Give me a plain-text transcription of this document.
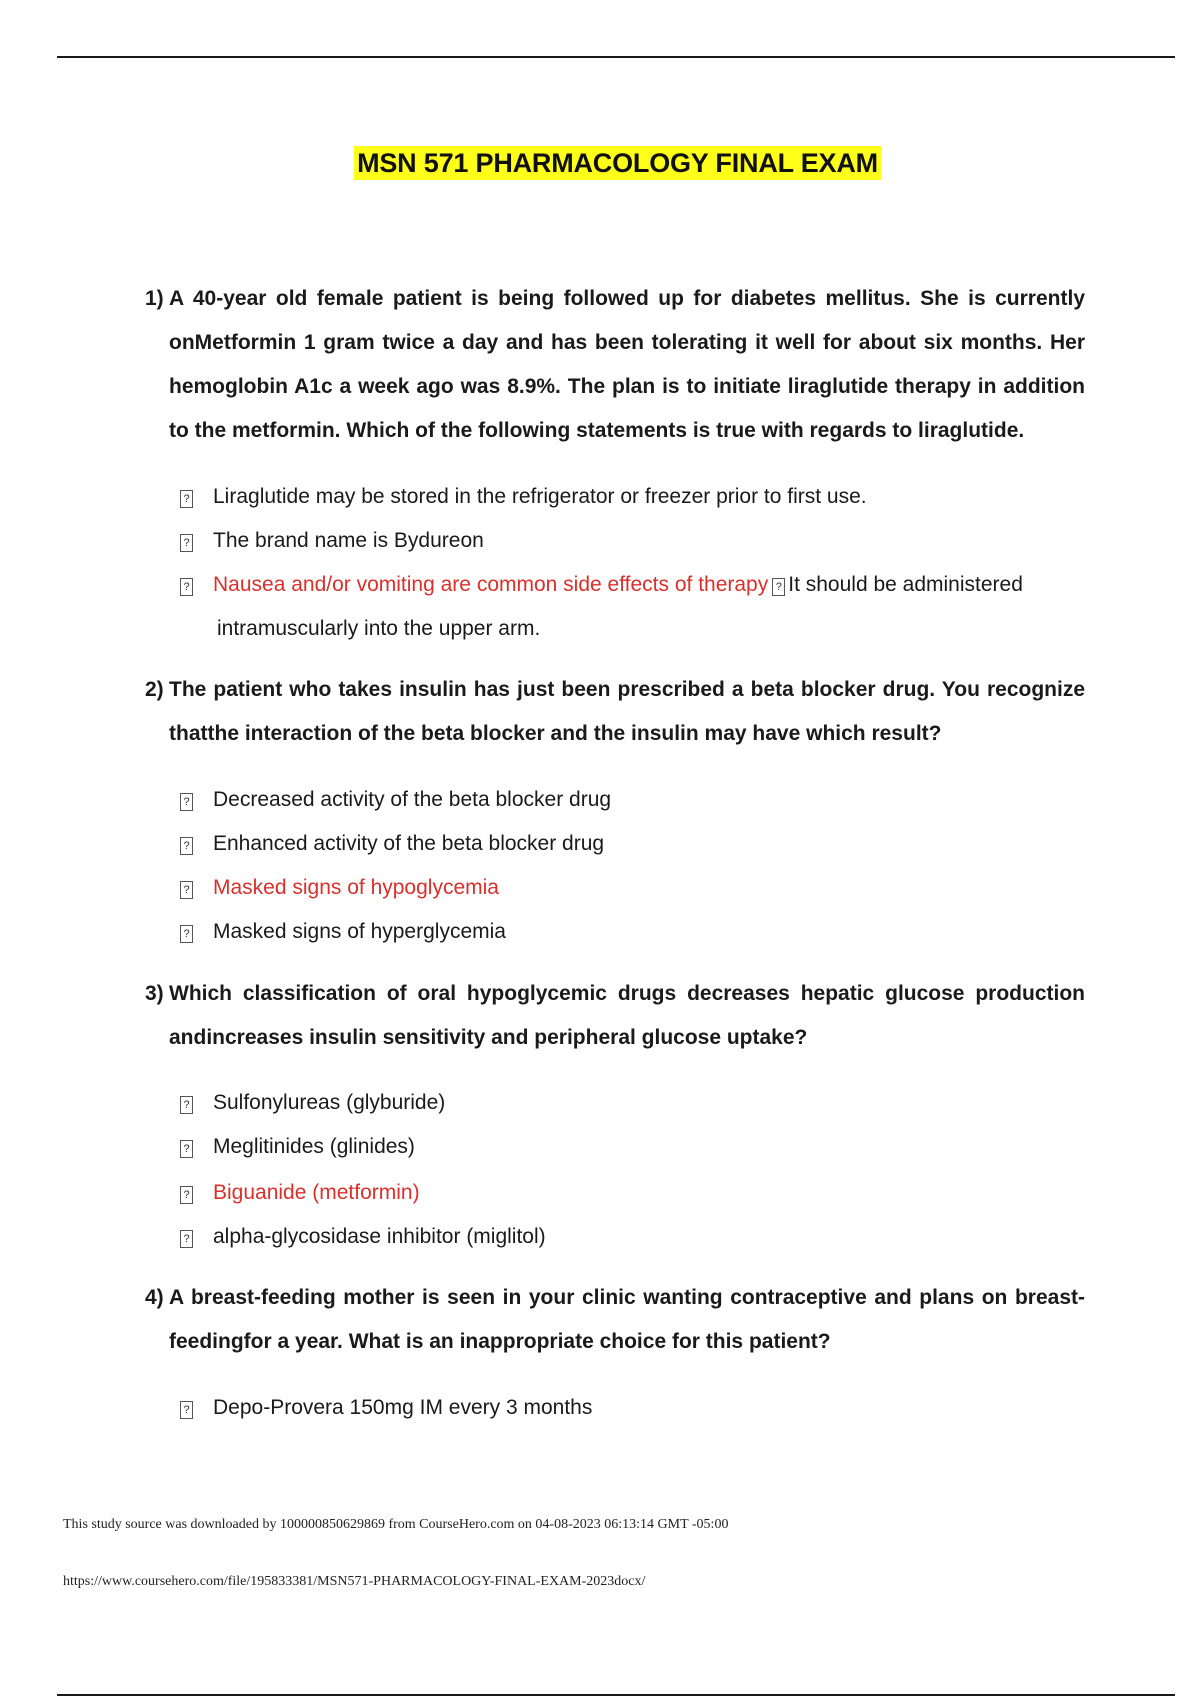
MSN 571 PHARMACOLOGY FINAL EXAM
1) A 40-year old female patient is being followed up for diabetes mellitus. She is currently onMetformin 1 gram twice a day and has been tolerating it well for about six months. Her hemoglobin A1c a week ago was 8.9%. The plan is to initiate liraglutide therapy in addition to the metformin. Which of the following statements is true with regards to liraglutide.
? Liraglutide may be stored in the refrigerator or freezer prior to first use.
? The brand name is Bydureon
? Nausea and/or vomiting are common side effects of therapy ? It should be administered
intramuscularly into the upper arm.
2) The patient who takes insulin has just been prescribed a beta blocker drug. You recognize thatthe interaction of the beta blocker and the insulin may have which result?
? Decreased activity of the beta blocker drug
? Enhanced activity of the beta blocker drug
? Masked signs of hypoglycemia
? Masked signs of hyperglycemia
3) Which classification of oral hypoglycemic drugs decreases hepatic glucose production andincreases insulin sensitivity and peripheral glucose uptake?
? Sulfonylureas (glyburide)
? Meglitinides (glinides)
? Biguanide (metformin)
? alpha-glycosidase inhibitor (miglitol)
4) A breast-feeding mother is seen in your clinic wanting contraceptive and plans on breast-feedingfor a year. What is an inappropriate choice for this patient?
? Depo-Provera 150mg IM every 3 months
This study source was downloaded by 100000850629869 from CourseHero.com on 04-08-2023 06:13:14 GMT -05:00
https://www.coursehero.com/file/195833381/MSN571-PHARMACOLOGY-FINAL-EXAM-2023docx/
